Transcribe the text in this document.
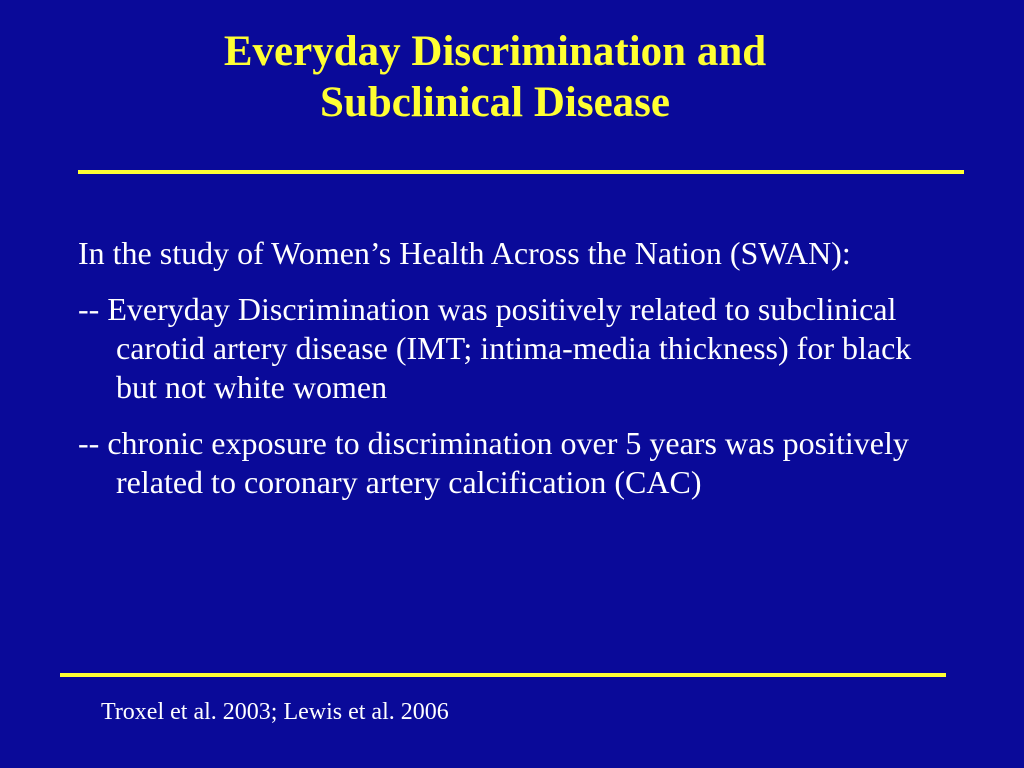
Everyday Discrimination and
Subclinical Disease

In the study of Women’s Health Across the Nation (SWAN):

-- Everyday Discrimination was positively related to subclinical carotid artery disease (IMT; intima-media thickness) for black but not white women

-- chronic exposure to discrimination over 5 years was positively related to coronary artery calcification (CAC)

Troxel et al. 2003; Lewis et al. 2006
